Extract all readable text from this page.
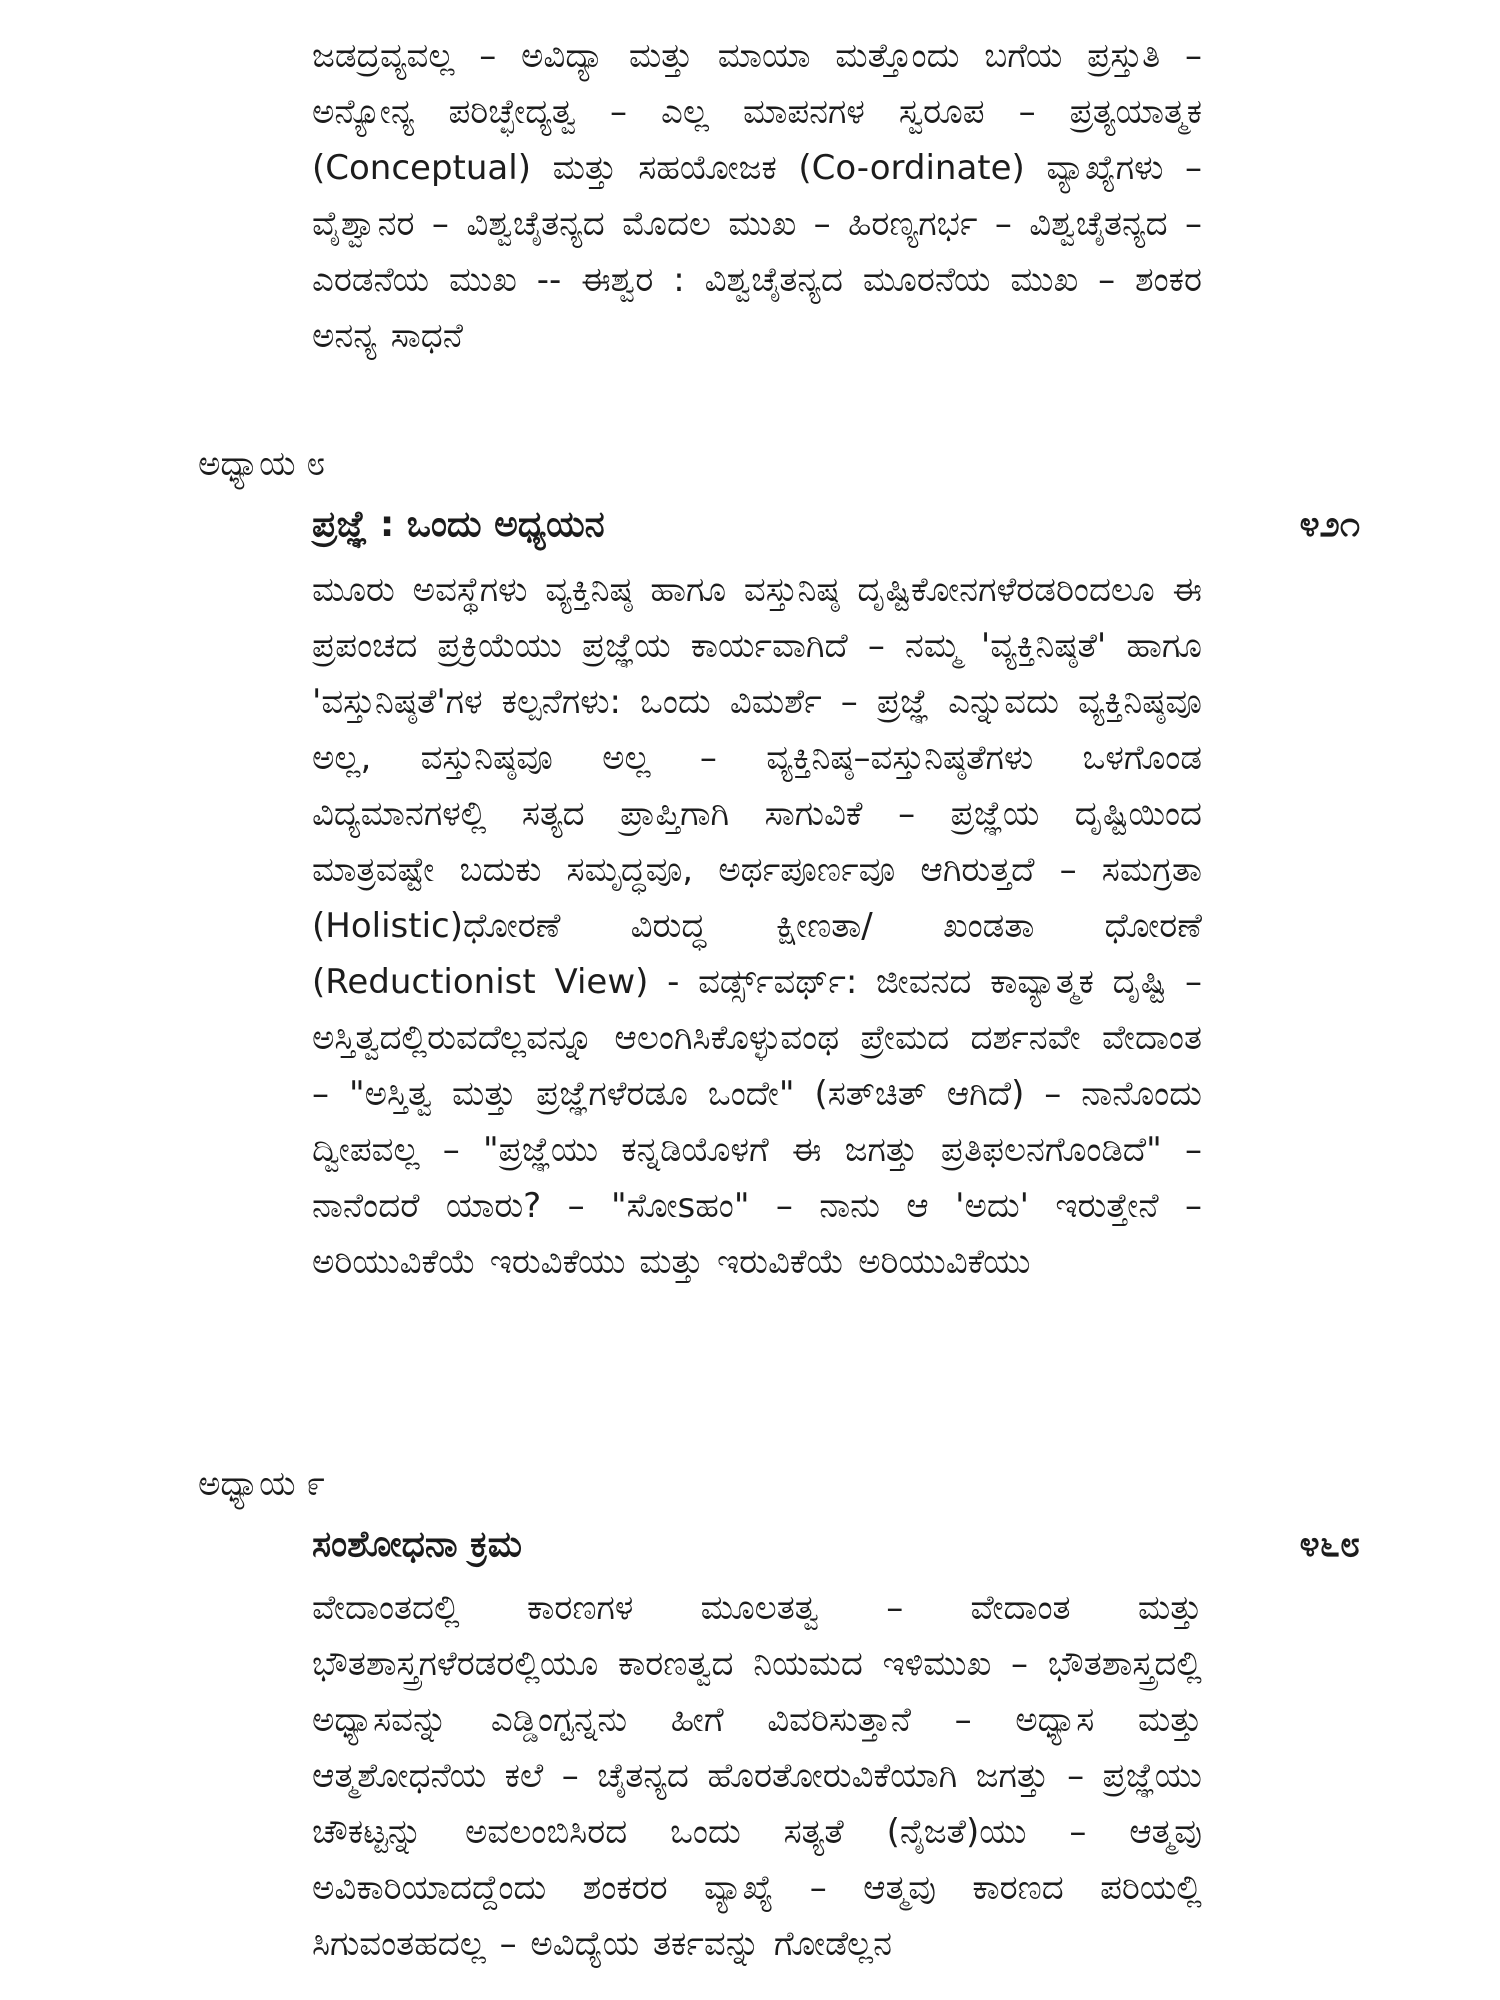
ಜಡದ್ರವ್ಯವಲ್ಲ – ಅವಿದ್ಯಾ ಮತ್ತು ಮಾಯಾ ಮತ್ತೊಂದು ಬಗೆಯ ಪ್ರಸ್ತುತಿ – ಅನ್ಯೋನ್ಯ ಪರಿಚ್ಛೇದ್ಯತ್ವ – ಎಲ್ಲ ಮಾಪನಗಳ ಸ್ವರೂಪ – ಪ್ರತ್ಯಯಾತ್ಮಕ (Conceptual) ಮತ್ತು ಸಹಯೋಜಕ (Co-ordinate) ವ್ಯಾಖ್ಯೆಗಳು – ವೈಶ್ವಾನರ – ವಿಶ್ವಚೈತನ್ಯದ ಮೊದಲ ಮುಖ – ಹಿರಣ್ಯಗರ್ಭ – ವಿಶ್ವಚೈತನ್ಯದ – ಎರಡನೆಯ ಮುಖ -- ಈಶ್ವರ : ವಿಶ್ವಚೈತನ್ಯದ ಮೂರನೆಯ ಮುಖ – ಶಂಕರ ಅನನ್ಯ ಸಾಧನೆ
ಅಧ್ಯಾಯ ೮
ಪ್ರಜ್ಞೆ : ಒಂದು ಅಧ್ಯಯನ	೪೨೧
ಮೂರು ಅವಸ್ಥೆಗಳು ವ್ಯಕ್ತಿನಿಷ್ಠ ಹಾಗೂ ವಸ್ತುನಿಷ್ಠ ದೃಷ್ಟಿಕೋನಗಳೆರಡರಿಂದಲೂ ಈ ಪ್ರಪಂಚದ ಪ್ರಕ್ರಿಯೆಯು ಪ್ರಜ್ಞೆಯ ಕಾರ್ಯವಾಗಿದೆ – ನಮ್ಮ 'ವ್ಯಕ್ತಿನಿಷ್ಠತೆ' ಹಾಗೂ 'ವಸ್ತುನಿಷ್ಠತೆ'ಗಳ ಕಲ್ಪನೆಗಳು: ಒಂದು ವಿಮರ್ಶೆ – ಪ್ರಜ್ಞೆ ಎನ್ನುವದು ವ್ಯಕ್ತಿನಿಷ್ಠವೂ ಅಲ್ಲ, ವಸ್ತುನಿಷ್ಠವೂ ಅಲ್ಲ – ವ್ಯಕ್ತಿನಿಷ್ಠ–ವಸ್ತುನಿಷ್ಠತೆಗಳು ಒಳಗೊಂಡ ವಿದ್ಯಮಾನಗಳಲ್ಲಿ ಸತ್ಯದ ಪ್ರಾಪ್ತಿಗಾಗಿ ಸಾಗುವಿಕೆ – ಪ್ರಜ್ಞೆಯ ದೃಷ್ಟಿಯಿಂದ ಮಾತ್ರವಷ್ಟೇ ಬದುಕು ಸಮೃದ್ಧವೂ, ಅರ್ಥಪೂರ್ಣವೂ ಆಗಿರುತ್ತದೆ – ಸಮಗ್ರತಾ (Holistic)ಧೋರಣೆ ವಿರುದ್ಧ ಕ್ಷೀಣತಾ/ ಖಂಡತಾ ಧೋರಣೆ (Reductionist View) - ವರ್ಡ್ಸ್‌ವರ್ಥ್: ಜೀವನದ ಕಾವ್ಯಾತ್ಮಕ ದೃಷ್ಟಿ – ಅಸ್ತಿತ್ವದಲ್ಲಿರುವದೆಲ್ಲವನ್ನೂ ಆಲಂಗಿಸಿಕೊಳ್ಳುವಂಥ ಪ್ರೇಮದ ದರ್ಶನವೇ ವೇದಾಂತ – "ಅಸ್ತಿತ್ವ ಮತ್ತು ಪ್ರಜ್ಞೆಗಳೆರಡೂ ಒಂದೇ" (ಸತ್‌ಚಿತ್ ಆಗಿದೆ) – ನಾನೊಂದು ದ್ವೀಪವಲ್ಲ – "ಪ್ರಜ್ಞೆಯು ಕನ್ನಡಿಯೊಳಗೆ ಈ ಜಗತ್ತು ಪ್ರತಿಫಲನಗೊಂಡಿದೆ" – ನಾನೆಂದರೆ ಯಾರು? – "ಸೋsಹಂ" – ನಾನು ಆ 'ಅದು' ಇರುತ್ತೇನೆ – ಅರಿಯುವಿಕೆಯೆ ಇರುವಿಕೆಯು ಮತ್ತು ಇರುವಿಕೆಯೆ ಅರಿಯುವಿಕೆಯು
ಅಧ್ಯಾಯ ೯
ಸಂಶೋಧನಾ ಕ್ರಮ	೪೬೮
ವೇದಾಂತದಲ್ಲಿ ಕಾರಣಗಳ ಮೂಲತತ್ವ – ವೇದಾಂತ ಮತ್ತು ಭೌತಶಾಸ್ತ್ರಗಳೆರಡರಲ್ಲಿಯೂ ಕಾರಣತ್ವದ ನಿಯಮದ ಇಳಿಮುಖ – ಭೌತಶಾಸ್ತ್ರದಲ್ಲಿ ಅಧ್ಯಾಸವನ್ನು ಎಡ್ಡಿಂಗ್ಟನ್ನನು ಹೀಗೆ ವಿವರಿಸುತ್ತಾನೆ – ಅಧ್ಯಾಸ ಮತ್ತು ಆತ್ಮಶೋಧನೆಯ ಕಲೆ – ಚೈತನ್ಯದ ಹೊರತೋರುವಿಕೆಯಾಗಿ ಜಗತ್ತು – ಪ್ರಜ್ಞೆಯು ಚೌಕಟ್ಟನ್ನು ಅವಲಂಬಿಸಿರದ ಒಂದು ಸತ್ಯತೆ (ನೈಜತೆ)ಯು – ಆತ್ಮವು ಅವಿಕಾರಿಯಾದದ್ದೆಂದು ಶಂಕರರ ವ್ಯಾಖ್ಯೆ – ಆತ್ಮವು ಕಾರಣದ ಪರಿಯಲ್ಲಿ ಸಿಗುವಂತಹದಲ್ಲ – ಅವಿದ್ಯೆಯ ತರ್ಕವನ್ನು ಗೋಡೆಲ್ಲನ
